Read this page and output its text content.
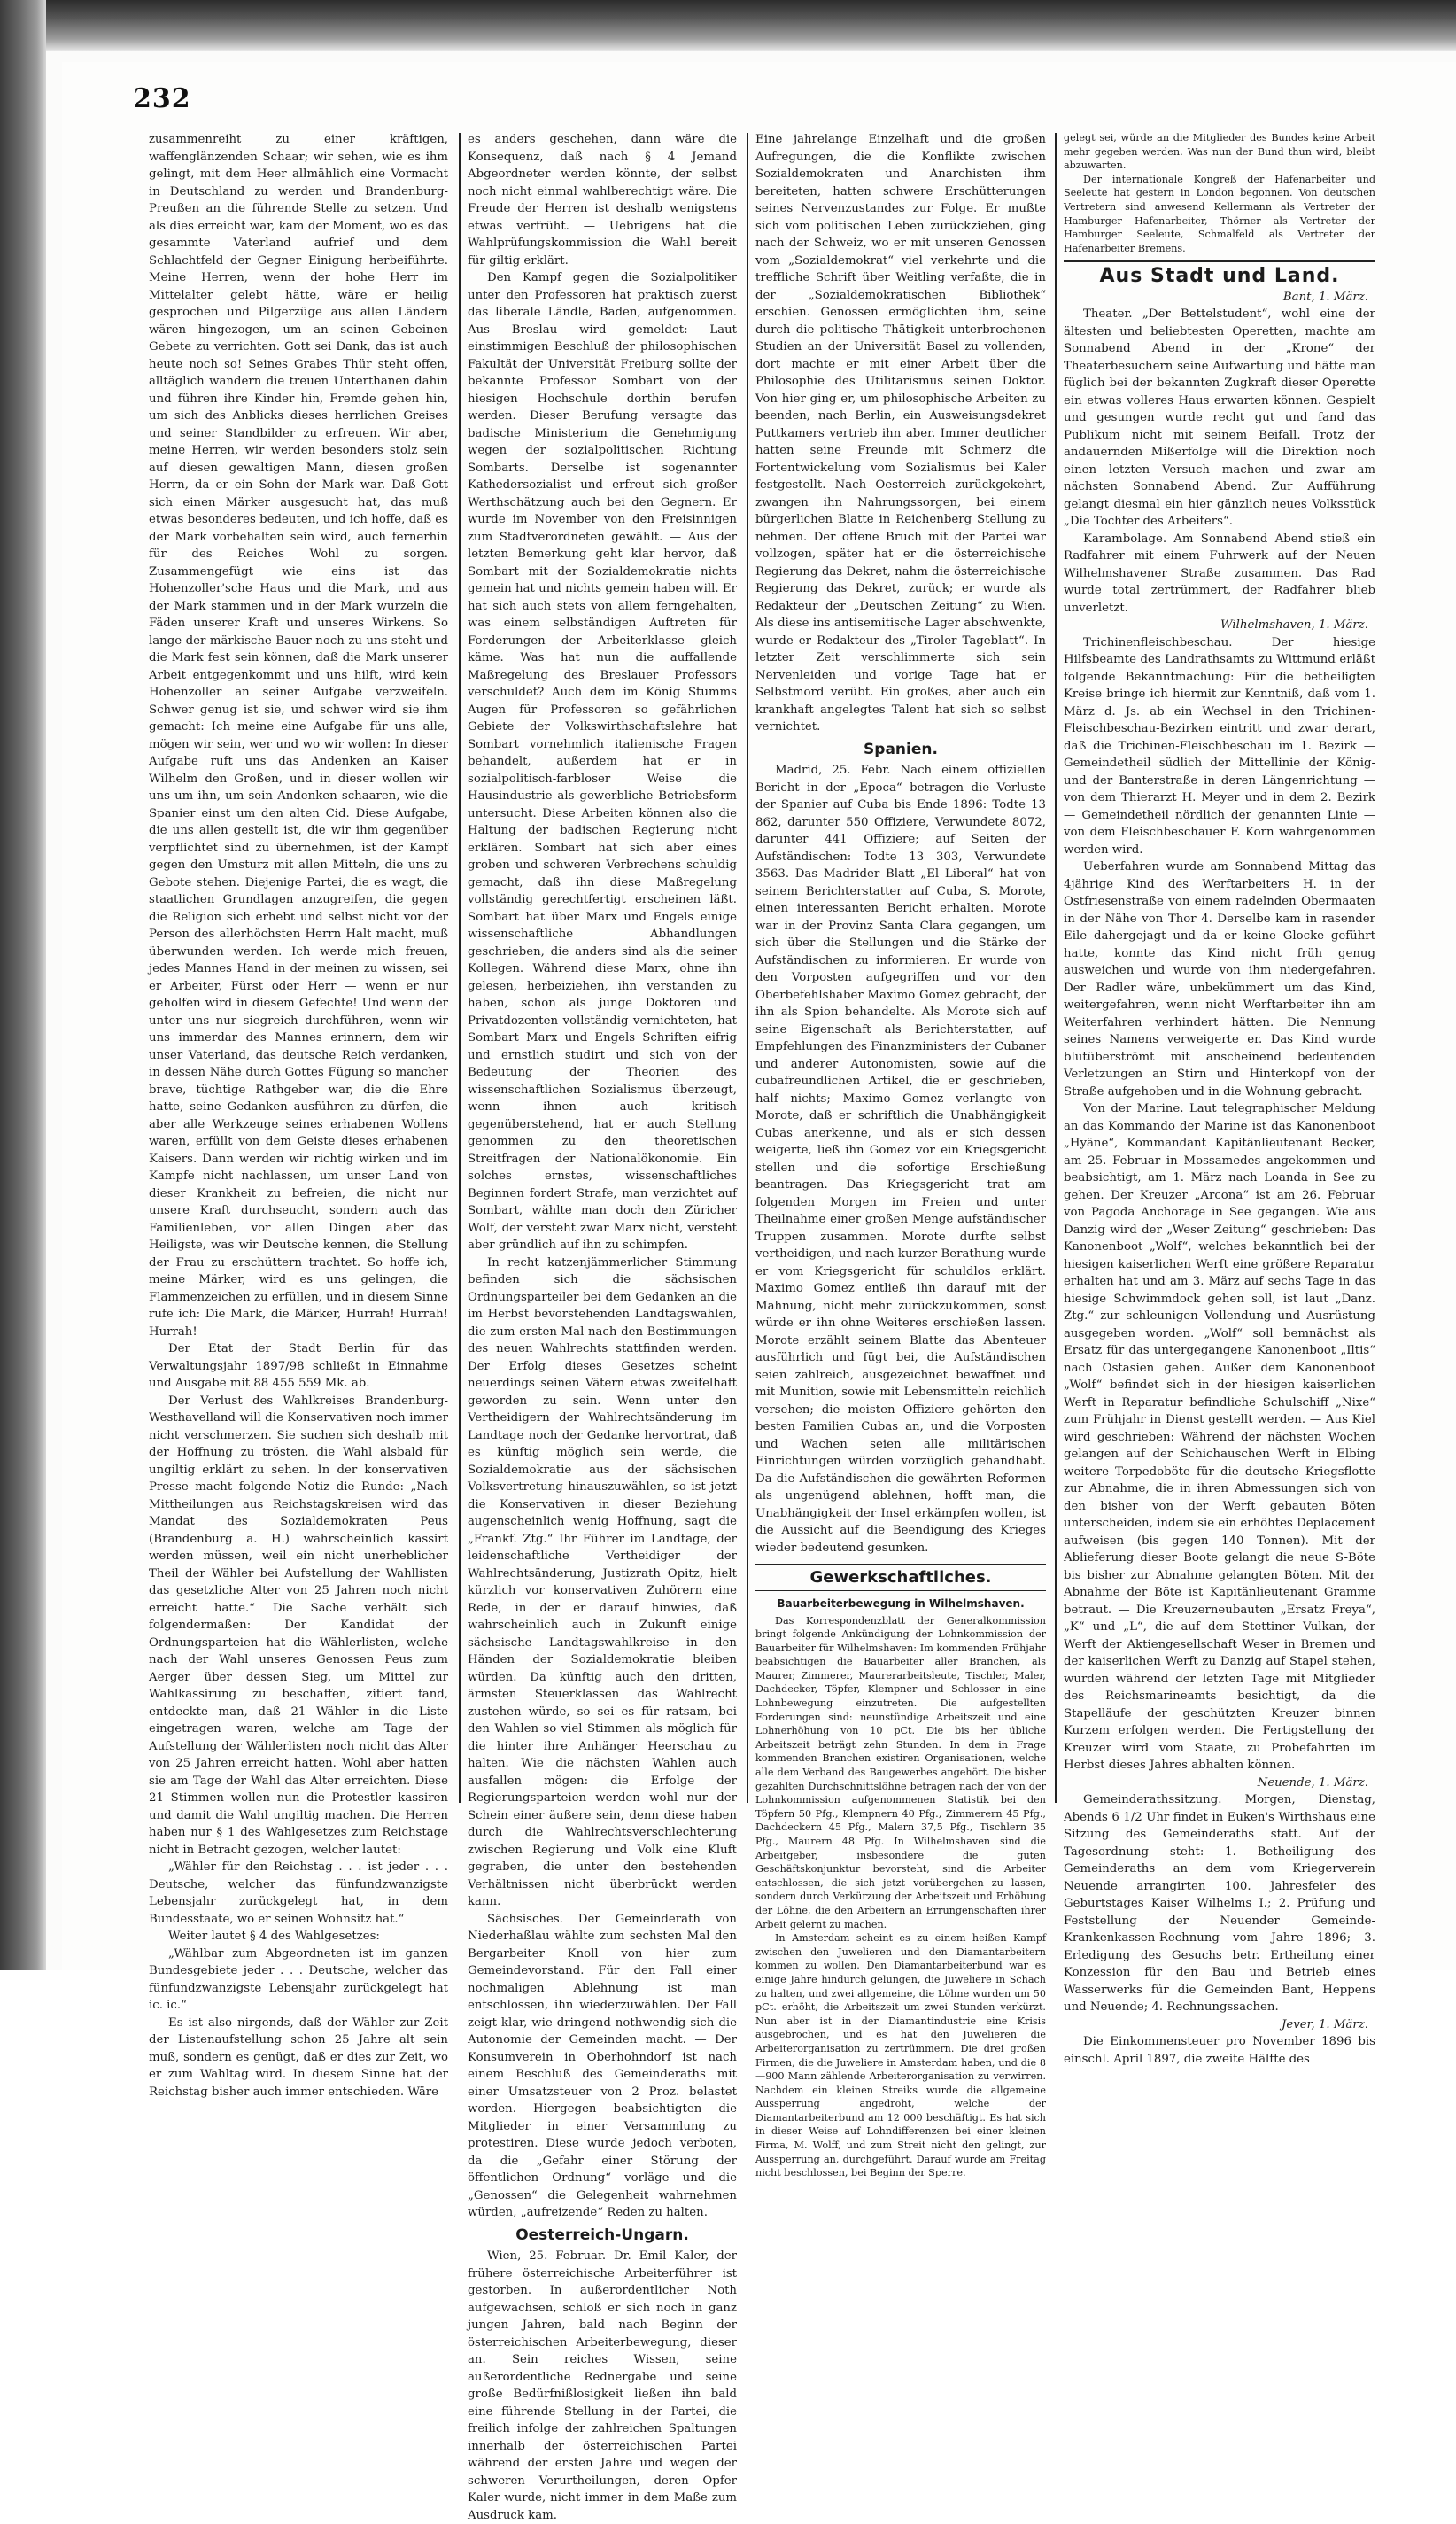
232

zusammenreiht zu einer kräftigen, waffenglänzenden Schaar; wir sehen, wie es ihm gelingt, mit dem Heer allmählich eine Vormacht in Deutschland zu werden und Brandenburg-Preußen an die führende Stelle zu setzen. Und als dies erreicht war, kam der Moment, wo es das gesammte Vaterland aufrief und dem Schlachtfeld der Gegner Einigung herbeiführte. Meine Herren, wenn der hohe Herr im Mittelalter gelebt hätte, wäre er heilig gesprochen und Pilgerzüge aus allen Ländern wären hingezogen, um an seinen Gebeinen Gebete zu verrichten. Gott sei Dank, das ist auch heute noch so! Seines Grabes Thür steht offen, alltäglich wandern die treuen Unterthanen dahin und führen ihre Kinder hin, Fremde gehen hin, um sich des Anblicks dieses herrlichen Greises und seiner Standbilder zu erfreuen. Wir aber, meine Herren, wir werden besonders stolz sein auf diesen gewaltigen Mann, diesen großen Herrn, da er ein Sohn der Mark war. Daß Gott sich einen Märker ausgesucht hat, das muß etwas besonderes bedeuten, und ich hoffe, daß es der Mark vorbehalten sein wird, auch fernerhin für des Reiches Wohl zu sorgen. Zusammengefügt wie eins ist das Hohenzoller'sche Haus und die Mark, und aus der Mark stammen und in der Mark wurzeln die Fäden unserer Kraft und unseres Wirkens. So lange der märkische Bauer noch zu uns steht und die Mark fest sein können, daß die Mark unserer Arbeit entgegenkommt und uns hilft, wird kein Hohenzoller an seiner Aufgabe verzweifeln. Schwer genug ist sie, und schwer wird sie ihm gemacht: Ich meine eine Aufgabe für uns alle, mögen wir sein, wer und wo wir wollen: In dieser Aufgabe ruft uns das Andenken an Kaiser Wilhelm den Großen, und in dieser wollen wir uns um ihn, um sein Andenken schaaren, wie die Spanier einst um den alten Cid. Diese Aufgabe, die uns allen gestellt ist, die wir ihm gegenüber verpflichtet sind zu übernehmen, ist der Kampf gegen den Umsturz mit allen Mitteln, die uns zu Gebote stehen. Diejenige Partei, die es wagt, die staatlichen Grundlagen anzugreifen, die gegen die Religion sich erhebt und selbst nicht vor der Person des allerhöchsten Herrn Halt macht, muß überwunden werden. Ich werde mich freuen, jedes Mannes Hand in der meinen zu wissen, sei er Arbeiter, Fürst oder Herr — wenn er nur geholfen wird in diesem Gefechte! Und wenn der unter uns nur siegreich durchführen, wenn wir uns immerdar des Mannes erinnern, dem wir unser Vaterland, das deutsche Reich verdanken, in dessen Nähe durch Gottes Fügung so mancher brave, tüchtige Rathgeber war, die die Ehre hatte, seine Gedanken ausführen zu dürfen, die aber alle Werkzeuge seines erhabenen Wollens waren, erfüllt von dem Geiste dieses erhabenen Kaisers. Dann werden wir richtig wirken und im Kampfe nicht nachlassen, um unser Land von dieser Krankheit zu befreien, die nicht nur unsere Kraft durchseucht, sondern auch das Familienleben, vor allen Dingen aber das Heiligste, was wir Deutsche kennen, die Stellung der Frau zu erschüttern trachtet. So hoffe ich, meine Märker, wird es uns gelingen, die Flammenzeichen zu erfüllen, und in diesem Sinne rufe ich: Die Mark, die Märker, Hurrah! Hurrah! Hurrah!

Der Etat der Stadt Berlin für das Verwaltungsjahr 1897/98 schließt in Einnahme und Ausgabe mit 88 455 559 Mk. ab.

Der Verlust des Wahlkreises Brandenburg-Westhavelland will die Konservativen noch immer nicht verschmerzen. Sie suchen sich deshalb mit der Hoffnung zu trösten, die Wahl alsbald für ungiltig erklärt zu sehen. In der konservativen Presse macht folgende Notiz die Runde: „Nach Mittheilungen aus Reichstagskreisen wird das Mandat des Sozialdemokraten Peus (Brandenburg a. H.) wahrscheinlich kassirt werden müssen, weil ein nicht unerheblicher Theil der Wähler bei Aufstellung der Wahllisten das gesetzliche Alter von 25 Jahren noch nicht erreicht hatte.“ Die Sache verhält sich folgendermaßen: Der Kandidat der Ordnungsparteien hat die Wählerlisten, welche nach der Wahl unseres Genossen Peus zum Aerger über dessen Sieg, um Mittel zur Wahlkassirung zu beschaffen, zitiert fand, entdeckte man, daß 21 Wähler in die Liste eingetragen waren, welche am Tage der Aufstellung der Wählerlisten noch nicht das Alter von 25 Jahren erreicht hatten. Wohl aber hatten sie am Tage der Wahl das Alter erreichten. Diese 21 Stimmen wollen nun die Protestler kassiren und damit die Wahl ungiltig machen. Die Herren haben nur § 1 des Wahlgesetzes zum Reichstage nicht in Betracht gezogen, welcher lautet:

„Wähler für den Reichstag . . . ist jeder . . . Deutsche, welcher das fünfundzwanzigste Lebensjahr zurückgelegt hat, in dem Bundesstaate, wo er seinen Wohnsitz hat.“

Weiter lautet § 4 des Wahlgesetzes:

„Wählbar zum Abgeordneten ist im ganzen Bundesgebiete jeder . . . Deutsche, welcher das fünfundzwanzigste Lebensjahr zurückgelegt hat ic. ic.“

Es ist also nirgends, daß der Wähler zur Zeit der Listenaufstellung schon 25 Jahre alt sein muß, sondern es genügt, daß er dies zur Zeit, wo er zum Wahltag wird. In diesem Sinne hat der Reichstag bisher auch immer entschieden. Wäre

es anders geschehen, dann wäre die Konsequenz, daß nach § 4 Jemand Abgeordneter werden könnte, der selbst noch nicht einmal wahlberechtigt wäre. Die Freude der Herren ist deshalb wenigstens etwas verfrüht. — Uebrigens hat die Wahlprüfungskommission die Wahl bereit für giltig erklärt.

Den Kampf gegen die Sozialpolitiker unter den Professoren hat praktisch zuerst das liberale Ländle, Baden, aufgenommen. Aus Breslau wird gemeldet: Laut einstimmigen Beschluß der philosophischen Fakultät der Universität Freiburg sollte der bekannte Professor Sombart von der hiesigen Hochschule dorthin berufen werden. Dieser Berufung versagte das badische Ministerium die Genehmigung wegen der sozialpolitischen Richtung Sombarts. Derselbe ist sogenannter Kathedersozialist und erfreut sich großer Werthschätzung auch bei den Gegnern. Er wurde im November von den Freisinnigen zum Stadtverordneten gewählt. — Aus der letzten Bemerkung geht klar hervor, daß Sombart mit der Sozialdemokratie nichts gemein hat und nichts gemein haben will. Er hat sich auch stets von allem ferngehalten, was einem selbständigen Auftreten für Forderungen der Arbeiterklasse gleich käme. Was hat nun die auffallende Maßregelung des Breslauer Professors verschuldet? Auch dem im König Stumms Augen für Professoren so gefährlichen Gebiete der Volkswirthschaftslehre hat Sombart vornehmlich italienische Fragen behandelt, außerdem hat er in sozialpolitisch-farbloser Weise die Hausindustrie als gewerbliche Betriebsform untersucht. Diese Arbeiten können also die Haltung der badischen Regierung nicht erklären. Sombart hat sich aber eines groben und schweren Verbrechens schuldig gemacht, daß ihn diese Maßregelung vollständig gerechtfertigt erscheinen läßt. Sombart hat über Marx und Engels einige wissenschaftliche Abhandlungen geschrieben, die anders sind als die seiner Kollegen. Während diese Marx, ohne ihn gelesen, herbeiziehen, ihn verstanden zu haben, schon als junge Doktoren und Privatdozenten vollständig vernichteten, hat Sombart Marx und Engels Schriften eifrig und ernstlich studirt und sich von der Bedeutung der Theorien des wissenschaftlichen Sozialismus überzeugt, wenn ihnen auch kritisch gegenüberstehend, hat er auch Stellung genommen zu den theoretischen Streitfragen der Nationalökonomie. Ein solches ernstes, wissenschaftliches Beginnen fordert Strafe, man verzichtet auf Sombart, wählte man doch den Züricher Wolf, der versteht zwar Marx nicht, versteht aber gründlich auf ihn zu schimpfen.

In recht katzenjämmerlicher Stimmung befinden sich die sächsischen Ordnungsparteiler bei dem Gedanken an die im Herbst bevorstehenden Landtagswahlen, die zum ersten Mal nach den Bestimmungen des neuen Wahlrechts stattfinden werden. Der Erfolg dieses Gesetzes scheint neuerdings seinen Vätern etwas zweifelhaft geworden zu sein. Wenn unter den Vertheidigern der Wahlrechtsänderung im Landtage noch der Gedanke hervortrat, daß es künftig möglich sein werde, die Sozialdemokratie aus der sächsischen Volksvertretung hinauszuwählen, so ist jetzt die Konservativen in dieser Beziehung augenscheinlich wenig Hoffnung, sagt die „Frankf. Ztg.“ Ihr Führer im Landtage, der leidenschaftliche Vertheidiger der Wahlrechtsänderung, Justizrath Opitz, hielt kürzlich vor konservativen Zuhörern eine Rede, in der er darauf hinwies, daß wahrscheinlich auch in Zukunft einige sächsische Landtagswahlkreise in den Händen der Sozialdemokratie bleiben würden. Da künftig auch den dritten, ärmsten Steuerklassen das Wahlrecht zustehen würde, so sei es für ratsam, bei den Wahlen so viel Stimmen als möglich für die hinter ihre Anhänger Heerschau zu halten. Wie die nächsten Wahlen auch ausfallen mögen: die Erfolge der Regierungsparteien werden wohl nur der Schein einer äußere sein, denn diese haben durch die Wahlrechtsverschlechterung zwischen Regierung und Volk eine Kluft gegraben, die unter den bestehenden Verhältnissen nicht überbrückt werden kann.

Sächsisches. Der Gemeinderath von Niederhaßlau wählte zum sechsten Mal den Bergarbeiter Knoll von hier zum Gemeindevorstand. Für den Fall einer nochmaligen Ablehnung ist man entschlossen, ihn wiederzuwählen. Der Fall zeigt klar, wie dringend nothwendig sich die Autonomie der Gemeinden macht. — Der Konsumverein in Oberhohndorf ist nach einem Beschluß des Gemeinderaths mit einer Umsatzsteuer von 2 Proz. belastet worden. Hiergegen beabsichtigten die Mitglieder in einer Versammlung zu protestiren. Diese wurde jedoch verboten, da die „Gefahr einer Störung der öffentlichen Ordnung“ vorläge und die „Genossen“ die Gelegenheit wahrnehmen würden, „aufreizende“ Reden zu halten.

Oesterreich-Ungarn.

Wien, 25. Februar. Dr. Emil Kaler, der frühere österreichische Arbeiterführer ist gestorben. In außerordentlicher Noth aufgewachsen, schloß er sich noch in ganz jungen Jahren, bald nach Beginn der österreichischen Arbeiterbewegung, dieser an. Sein reiches Wissen, seine außerordentliche Rednergabe und seine große Bedürfnißlosigkeit ließen ihn bald eine führende Stellung in der Partei, die freilich infolge der zahlreichen Spaltungen innerhalb der österreichischen Partei während der ersten Jahre und wegen der schweren Verurtheilungen, deren Opfer Kaler wurde, nicht immer in dem Maße zum Ausdruck kam.

Eine jahrelange Einzelhaft und die großen Aufregungen, die die Konflikte zwischen Sozialdemokraten und Anarchisten ihm bereiteten, hatten schwere Erschütterungen seines Nervenzustandes zur Folge. Er mußte sich vom politischen Leben zurückziehen, ging nach der Schweiz, wo er mit unseren Genossen vom „Sozialdemokrat“ viel verkehrte und die treffliche Schrift über Weitling verfaßte, die in der „Sozialdemokratischen Bibliothek“ erschien. Genossen ermöglichten ihm, seine durch die politische Thätigkeit unterbrochenen Studien an der Universität Basel zu vollenden, dort machte er mit einer Arbeit über die Philosophie des Utilitarismus seinen Doktor. Von hier ging er, um philosophische Arbeiten zu beenden, nach Berlin, ein Ausweisungsdekret Puttkamers vertrieb ihn aber. Immer deutlicher hatten seine Freunde mit Schmerz die Fortentwickelung vom Sozialismus bei Kaler festgestellt. Nach Oesterreich zurückgekehrt, zwangen ihn Nahrungssorgen, bei einem bürgerlichen Blatte in Reichenberg Stellung zu nehmen. Der offene Bruch mit der Partei war vollzogen, später hat er die österreichische Regierung das Dekret, nahm die österreichische Regierung das Dekret, zurück; er wurde als Redakteur der „Deutschen Zeitung“ zu Wien. Als diese ins antisemitische Lager abschwenkte, wurde er Redakteur des „Tiroler Tageblatt“. In letzter Zeit verschlimmerte sich sein Nervenleiden und vorige Tage hat er Selbstmord verübt. Ein großes, aber auch ein krankhaft angelegtes Talent hat sich so selbst vernichtet.

Spanien.

Madrid, 25. Febr. Nach einem offiziellen Bericht in der „Epoca“ betragen die Verluste der Spanier auf Cuba bis Ende 1896: Todte 13 862, darunter 550 Offiziere, Verwundete 8072, darunter 441 Offiziere; auf Seiten der Aufständischen: Todte 13 303, Verwundete 3563. Das Madrider Blatt „El Liberal“ hat von seinem Berichterstatter auf Cuba, S. Morote, einen interessanten Bericht erhalten. Morote war in der Provinz Santa Clara gegangen, um sich über die Stellungen und die Stärke der Aufständischen zu informieren. Er wurde von den Vorposten aufgegriffen und vor den Oberbefehlshaber Maximo Gomez gebracht, der ihn als Spion behandelte. Als Morote sich auf seine Eigenschaft als Berichterstatter, auf Empfehlungen des Finanzministers der Cubaner und anderer Autonomisten, sowie auf die cubafreundlichen Artikel, die er geschrieben, half nichts; Maximo Gomez verlangte von Morote, daß er schriftlich die Unabhängigkeit Cubas anerkenne, und als er sich dessen weigerte, ließ ihn Gomez vor ein Kriegsgericht stellen und die sofortige Erschießung beantragen. Das Kriegsgericht trat am folgenden Morgen im Freien und unter Theilnahme einer großen Menge aufständischer Truppen zusammen. Morote durfte selbst vertheidigen, und nach kurzer Berathung wurde er vom Kriegsgericht für schuldlos erklärt. Maximo Gomez entließ ihn darauf mit der Mahnung, nicht mehr zurückzukommen, sonst würde er ihn ohne Weiteres erschießen lassen. Morote erzählt seinem Blatte das Abenteuer ausführlich und fügt bei, die Aufständischen seien zahlreich, ausgezeichnet bewaffnet und mit Munition, sowie mit Lebensmitteln reichlich versehen; die meisten Offiziere gehörten den besten Familien Cubas an, und die Vorposten und Wachen seien alle militärischen Einrichtungen würden vorzüglich gehandhabt. Da die Aufständischen die gewährten Reformen als ungenügend ablehnen, hofft man, die Unabhängigkeit der Insel erkämpfen wollen, ist die Aussicht auf die Beendigung des Krieges wieder bedeutend gesunken.

Gewerkschaftliches.
Bauarbeiterbewegung in Wilhelmshaven.

Das Korrespondenzblatt der Generalkommission bringt folgende Ankündigung der Lohnkommission der Bauarbeiter für Wilhelmshaven: Im kommenden Frühjahr beabsichtigen die Bauarbeiter aller Branchen, als Maurer, Zimmerer, Maurerarbeitsleute, Tischler, Maler, Dachdecker, Töpfer, Klempner und Schlosser in eine Lohnbewegung einzutreten. Die aufgestellten Forderungen sind: neunstündige Arbeitszeit und eine Lohnerhöhung von 10 pCt. Die bis her übliche Arbeitszeit beträgt zehn Stunden. In dem in Frage kommenden Branchen existiren Organisationen, welche alle dem Verband des Baugewerbes angehört. Die bisher gezahlten Durchschnittslöhne betragen nach der von der Lohnkommission aufgenommenen Statistik bei den Töpfern 50 Pfg., Klempnern 40 Pfg., Zimmerern 45 Pfg., Dachdeckern 45 Pfg., Malern 37,5 Pfg., Tischlern 35 Pfg., Maurern 48 Pfg. In Wilhelmshaven sind die Arbeitgeber, insbesondere die guten Geschäftskonjunktur bevorsteht, sind die Arbeiter entschlossen, die sich jetzt vorübergehen zu lassen, sondern durch Verkürzung der Arbeitszeit und Erhöhung der Löhne, die den Arbeitern an Errungenschaften ihrer Arbeit gelernt zu machen.

In Amsterdam scheint es zu einem heißen Kampf zwischen den Juwelieren und den Diamantarbeitern kommen zu wollen. Den Diamantarbeiterbund war es einige Jahre hindurch gelungen, die Juweliere in Schach zu halten, und zwei allgemeine, die Löhne wurden um 50 pCt. erhöht, die Arbeitszeit um zwei Stunden verkürzt. Nun aber ist in der Diamantindustrie eine Krisis ausgebrochen, und es hat den Juwelieren die Arbeiterorganisation zu zertrümmern. Die drei großen Firmen, die die Juweliere in Amsterdam haben, und die 8—900 Mann zählende Arbeiterorganisation zu verwirren. Nachdem ein kleinen Streiks wurde die allgemeine Aussperrung angedroht, welche der Diamantarbeiterbund am 12 000 beschäftigt. Es hat sich in dieser Weise auf Lohndifferenzen bei einer kleinen Firma, M. Wolff, und zum Streit nicht den gelingt, zur Aussperrung an, durchgeführt. Darauf wurde am Freitag nicht beschlossen, bei Beginn der Sperre.

gelegt sei, würde an die Mitglieder des Bundes keine Arbeit mehr gegeben werden. Was nun der Bund thun wird, bleibt abzuwarten.

Der internationale Kongreß der Hafenarbeiter und Seeleute hat gestern in London begonnen. Von deutschen Vertretern sind anwesend Kellermann als Vertreter der Hamburger Hafenarbeiter, Thörner als Vertreter der Hamburger Seeleute, Schmalfeld als Vertreter der Hafenarbeiter Bremens.

Aus Stadt und Land.
Bant, 1. März.

Theater. „Der Bettelstudent“, wohl eine der ältesten und beliebtesten Operetten, machte am Sonnabend Abend in der „Krone“ der Theaterbesuchern seine Aufwartung und hätte man füglich bei der bekannten Zugkraft dieser Operette ein etwas volleres Haus erwarten können. Gespielt und gesungen wurde recht gut und fand das Publikum nicht mit seinem Beifall. Trotz der andauernden Mißerfolge will die Direktion noch einen letzten Versuch machen und zwar am nächsten Sonnabend Abend. Zur Aufführung gelangt diesmal ein hier gänzlich neues Volksstück „Die Tochter des Arbeiters“.

Karambolage. Am Sonnabend Abend stieß ein Radfahrer mit einem Fuhrwerk auf der Neuen Wilhelmshavener Straße zusammen. Das Rad wurde total zertrümmert, der Radfahrer blieb unverletzt.

Wilhelmshaven, 1. März.

Trichinenfleischbeschau. Der hiesige Hilfsbeamte des Landrathsamts zu Wittmund erläßt folgende Bekanntmachung: Für die betheiligten Kreise bringe ich hiermit zur Kenntniß, daß vom 1. März d. Js. ab ein Wechsel in den Trichinen-Fleischbeschau-Bezirken eintritt und zwar derart, daß die Trichinen-Fleischbeschau im 1. Bezirk — Gemeindetheil südlich der Mittellinie der König- und der Banterstraße in deren Längenrichtung — von dem Thierarzt H. Meyer und in dem 2. Bezirk — Gemeindetheil nördlich der genannten Linie — von dem Fleischbeschauer F. Korn wahrgenommen werden wird.

Ueberfahren wurde am Sonnabend Mittag das 4jährige Kind des Werftarbeiters H. in der Ostfriesenstraße von einem radelnden Obermaaten in der Nähe von Thor 4. Derselbe kam in rasender Eile dahergejagt und da er keine Glocke geführt hatte, konnte das Kind nicht früh genug ausweichen und wurde von ihm niedergefahren. Der Radler wäre, unbekümmert um das Kind, weitergefahren, wenn nicht Werftarbeiter ihn am Weiterfahren verhindert hätten. Die Nennung seines Namens verweigerte er. Das Kind wurde blutüberströmt mit anscheinend bedeutenden Verletzungen an Stirn und Hinterkopf von der Straße aufgehoben und in die Wohnung gebracht.

Von der Marine. Laut telegraphischer Meldung an das Kommando der Marine ist das Kanonenboot „Hyäne“, Kommandant Kapitänlieutenant Becker, am 25. Februar in Mossamedes angekommen und beabsichtigt, am 1. März nach Loanda in See zu gehen. Der Kreuzer „Arcona“ ist am 26. Februar von Pagoda Anchorage in See gegangen. Wie aus Danzig wird der „Weser Zeitung“ geschrieben: Das Kanonenboot „Wolf“, welches bekanntlich bei der hiesigen kaiserlichen Werft eine größere Reparatur erhalten hat und am 3. März auf sechs Tage in das hiesige Schwimmdock gehen soll, ist laut „Danz. Ztg.“ zur schleunigen Vollendung und Ausrüstung ausgegeben worden. „Wolf“ soll bemnächst als Ersatz für das untergegangene Kanonenboot „Iltis“ nach Ostasien gehen. Außer dem Kanonenboot „Wolf“ befindet sich in der hiesigen kaiserlichen Werft in Reparatur befindliche Schulschiff „Nixe“ zum Frühjahr in Dienst gestellt werden. — Aus Kiel wird geschrieben: Während der nächsten Wochen gelangen auf der Schichauschen Werft in Elbing weitere Torpedoböte für die deutsche Kriegsflotte zur Abnahme, die in ihren Abmessungen sich von den bisher von der Werft gebauten Böten unterscheiden, indem sie ein erhöhtes Deplacement aufweisen (bis gegen 140 Tonnen). Mit der Ablieferung dieser Boote gelangt die neue S-Böte bis bisher zur Abnahme gelangten Böten. Mit der Abnahme der Böte ist Kapitänlieutenant Gramme betraut. — Die Kreuzerneubauten „Ersatz Freya“, „K“ und „L“, die auf dem Stettiner Vulkan, der Werft der Aktiengesellschaft Weser in Bremen und der kaiserlichen Werft zu Danzig auf Stapel stehen, wurden während der letzten Tage mit Mitglieder des Reichsmarineamts besichtigt, da die Stapelläufe der geschützten Kreuzer binnen Kurzem erfolgen werden. Die Fertigstellung der Kreuzer wird vom Staate, zu Probefahrten im Herbst dieses Jahres abhalten können.

Neuende, 1. März.

Gemeinderathssitzung. Morgen, Dienstag, Abends 6 1/2 Uhr findet in Euken's Wirthshaus eine Sitzung des Gemeinderaths statt. Auf der Tagesordnung steht: 1. Betheiligung des Gemeinderaths an dem vom Kriegerverein Neuende arrangirten 100. Jahresfeier des Geburtstages Kaiser Wilhelms I.; 2. Prüfung und Feststellung der Neuender Gemeinde-Krankenkassen-Rechnung vom Jahre 1896; 3. Erledigung des Gesuchs betr. Ertheilung einer Konzession für den Bau und Betrieb eines Wasserwerks für die Gemeinden Bant, Heppens und Neuende; 4. Rechnungssachen.

Jever, 1. März.

Die Einkommensteuer pro November 1896 bis einschl. April 1897, die zweite Hälfte des
